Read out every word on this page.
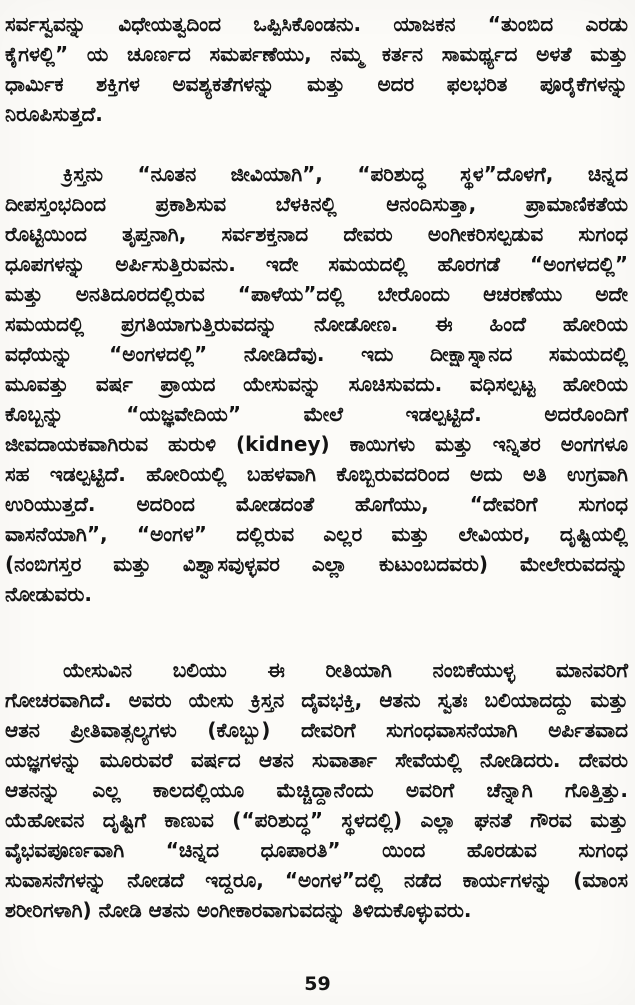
ಸರ್ವಸ್ವವನ್ನು ವಿಧೇಯತ್ವದಿಂದ ಒಪ್ಪಿಸಿಕೊಂಡನು. ಯಾಜಕನ “ತುಂಬಿದ ಎರಡು
ಕೈಗಳಲ್ಲಿ” ಯ ಚೂರ್ಣದ ಸಮರ್ಪಣೆಯು, ನಮ್ಮ ಕರ್ತನ ಸಾಮರ್ಥ್ಯದ ಅಳತೆ ಮತ್ತು
ಧಾರ್ಮಿಕ ಶಕ್ತಿಗಳ ಅವಶ್ಯಕತೆಗಳನ್ನು ಮತ್ತು ಅದರ ಫಲಭರಿತ ಪೂರೈಕೆಗಳನ್ನು
ನಿರೂಪಿಸುತ್ತದೆ.
ಕ್ರಿಸ್ತನು “ನೂತನ ಜೀವಿಯಾಗಿ”, “ಪರಿಶುದ್ಧ ಸ್ಥಳ”ದೊಳಗೆ, ಚಿನ್ನದ
ದೀಪಸ್ತಂಭದಿಂದ ಪ್ರಕಾಶಿಸುವ ಬೆಳಕಿನಲ್ಲಿ ಆನಂದಿಸುತ್ತಾ, ಪ್ರಾಮಾಣಿಕತೆಯ
ರೊಟ್ಟಿಯಿಂದ ತೃಪ್ತನಾಗಿ, ಸರ್ವಶಕ್ತನಾದ ದೇವರು ಅಂಗೀಕರಿಸಲ್ಪಡುವ ಸುಗಂಧ
ಧೂಪಗಳನ್ನು ಅರ್ಪಿಸುತ್ತಿರುವನು. ಇದೇ ಸಮಯದಲ್ಲಿ ಹೊರಗಡೆ “ಅಂಗಳದಲ್ಲಿ”
ಮತ್ತು ಅನತಿದೂರದಲ್ಲಿರುವ “ಪಾಳೆಯ”ದಲ್ಲಿ ಬೇರೊಂದು ಆಚರಣೆಯು ಅದೇ
ಸಮಯದಲ್ಲಿ ಪ್ರಗತಿಯಾಗುತ್ತಿರುವದನ್ನು ನೋಡೋಣ. ಈ ಹಿಂದೆ ಹೋರಿಯ
ವಧೆಯನ್ನು “ಅಂಗಳದಲ್ಲಿ” ನೋಡಿದೆವು. ಇದು ದೀಕ್ಷಾಸ್ನಾನದ ಸಮಯದಲ್ಲಿ
ಮೂವತ್ತು ವರ್ಷ ಪ್ರಾಯದ ಯೇಸುವನ್ನು ಸೂಚಿಸುವದು. ವಧಿಸಲ್ಪಟ್ಟ ಹೋರಿಯ
ಕೊಬ್ಬನ್ನು “ಯಜ್ಞವೇದಿಯ” ಮೇಲೆ ಇಡಲ್ಪಟ್ಟಿದೆ. ಅದರೊಂದಿಗೆ
ಜೀವದಾಯಕವಾಗಿರುವ ಹುರುಳಿ (kidney) ಕಾಯಿಗಳು ಮತ್ತು ಇನ್ನಿತರ ಅಂಗಗಳೂ
ಸಹ ಇಡಲ್ಪಟ್ಟಿದೆ. ಹೋರಿಯಲ್ಲಿ ಬಹಳವಾಗಿ ಕೊಬ್ಬಿರುವದರಿಂದ ಅದು ಅತಿ ಉಗ್ರವಾಗಿ
ಉರಿಯುತ್ತದೆ. ಅದರಿಂದ ಮೋಡದಂತೆ ಹೊಗೆಯು, “ದೇವರಿಗೆ ಸುಗಂಧ
ವಾಸನೆಯಾಗಿ”, “ಅಂಗಳ” ದಲ್ಲಿರುವ ಎಲ್ಲರ ಮತ್ತು ಲೇವಿಯರ, ದೃಷ್ಟಿಯಲ್ಲಿ
(ನಂಬಿಗಸ್ತರ ಮತ್ತು ವಿಶ್ವಾಸವುಳ್ಳವರ ಎಲ್ಲಾ ಕುಟುಂಬದವರು) ಮೇಲೇರುವದನ್ನು
ನೋಡುವರು.
ಯೇಸುವಿನ ಬಲಿಯು ಈ ರೀತಿಯಾಗಿ ನಂಬಿಕೆಯುಳ್ಳ ಮಾನವರಿಗೆ
ಗೋಚರವಾಗಿದೆ. ಅವರು ಯೇಸು ಕ್ರಿಸ್ತನ ದೈವಭಕ್ತಿ, ಆತನು ಸ್ವತಃ ಬಲಿಯಾದದ್ದು ಮತ್ತು
ಆತನ ಪ್ರೀತಿವಾತ್ಸಲ್ಯಗಳು (ಕೊಬ್ಬು) ದೇವರಿಗೆ ಸುಗಂಧವಾಸನೆಯಾಗಿ ಅರ್ಪಿತವಾದ
ಯಜ್ಞಗಳನ್ನು ಮೂರುವರೆ ವರ್ಷದ ಆತನ ಸುವಾರ್ತಾ ಸೇವೆಯಲ್ಲಿ ನೋಡಿದರು. ದೇವರು
ಆತನನ್ನು ಎಲ್ಲ ಕಾಲದಲ್ಲಿಯೂ ಮೆಚ್ಚಿದ್ದಾನೆಂದು ಅವರಿಗೆ ಚೆನ್ನಾಗಿ ಗೊತ್ತಿತ್ತು.
ಯೆಹೋವನ ದೃಷ್ಟಿಗೆ ಕಾಣುವ (“ಪರಿಶುದ್ಧ” ಸ್ಥಳದಲ್ಲಿ) ಎಲ್ಲಾ ಘನತೆ ಗೌರವ ಮತ್ತು
ವೈಭವಪೂರ್ಣವಾಗಿ “ಚಿನ್ನದ ಧೂಪಾರತಿ” ಯಿಂದ ಹೊರಡುವ ಸುಗಂಧ
ಸುವಾಸನೆಗಳನ್ನು ನೋಡದೆ ಇದ್ದರೂ, “ಅಂಗಳ”ದಲ್ಲಿ ನಡೆದ ಕಾರ್ಯಗಳನ್ನು (ಮಾಂಸ
ಶರೀರಿಗಳಾಗಿ) ನೋಡಿ ಆತನು ಅಂಗೀಕಾರವಾಗುವದನ್ನು ತಿಳಿದುಕೊಳ್ಳುವರು.
59
